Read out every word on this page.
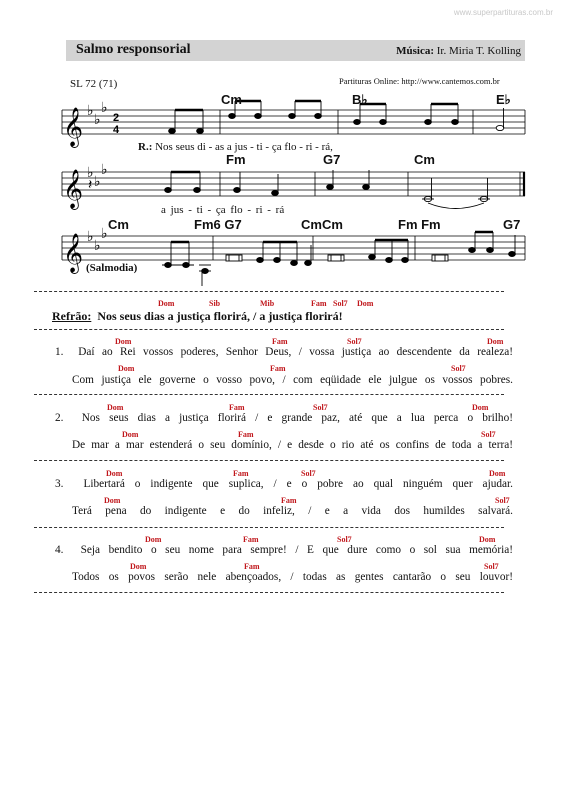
www.superpartituras.com.br
Salmo responsorial	Música: Ir. Miria T. Kolling
SL 72 (71)	Partituras Online: http://www.cantemos.com.br
𝄞
𝄞
𝄞
♭
♭
♭
♭
♭
♭
♭
♭
♭
2
4
𝄽
Cm	B♭	E♭
R.: Nos seus di - as a jus - ti - ça flo - ri - rá,
Fm	G7	Cm
a jus - ti - ça flo - ri - rá
Cm	Fm6 G7	CmCm	Fm Fm	G7
(Salmodia)
Dom	Sib	Mib	Fam Sol7 Dom
Refrão: Nos seus dias a justiça florirá, / a justiça florirá!
Dom	Fam	Sol7	Dom
1. Daí ao Rei vossos poderes, Senhor Deus, / vossa justiça ao descendente da realeza!
Dom	Fam	Sol7
Com justiça ele governe o vosso povo, / com eqüidade ele julgue os vossos pobres.
Dom	Fam	Sol7	Dom
2. Nos seus dias a justiça florirá / e grande paz, até que a lua perca o brilho!
Dom	Fam	Sol7
De mar a mar estenderá o seu domínio, / e desde o rio até os confins de toda a terra!
Dom	Fam	Sol7	Dom
3. Libertará o indigente que suplica, / e o pobre ao qual ninguém quer ajudar.
Dom	Fam	Sol7
Terá pena do indigente e do infeliz, / e a vida dos humildes salvará.
Dom	Fam	Sol7	Dom
4. Seja bendito o seu nome para sempre! / E que dure como o sol sua memória!
Dom	Fam	Sol7
Todos os povos serão nele abençoados, / todas as gentes cantarão o seu louvor!
